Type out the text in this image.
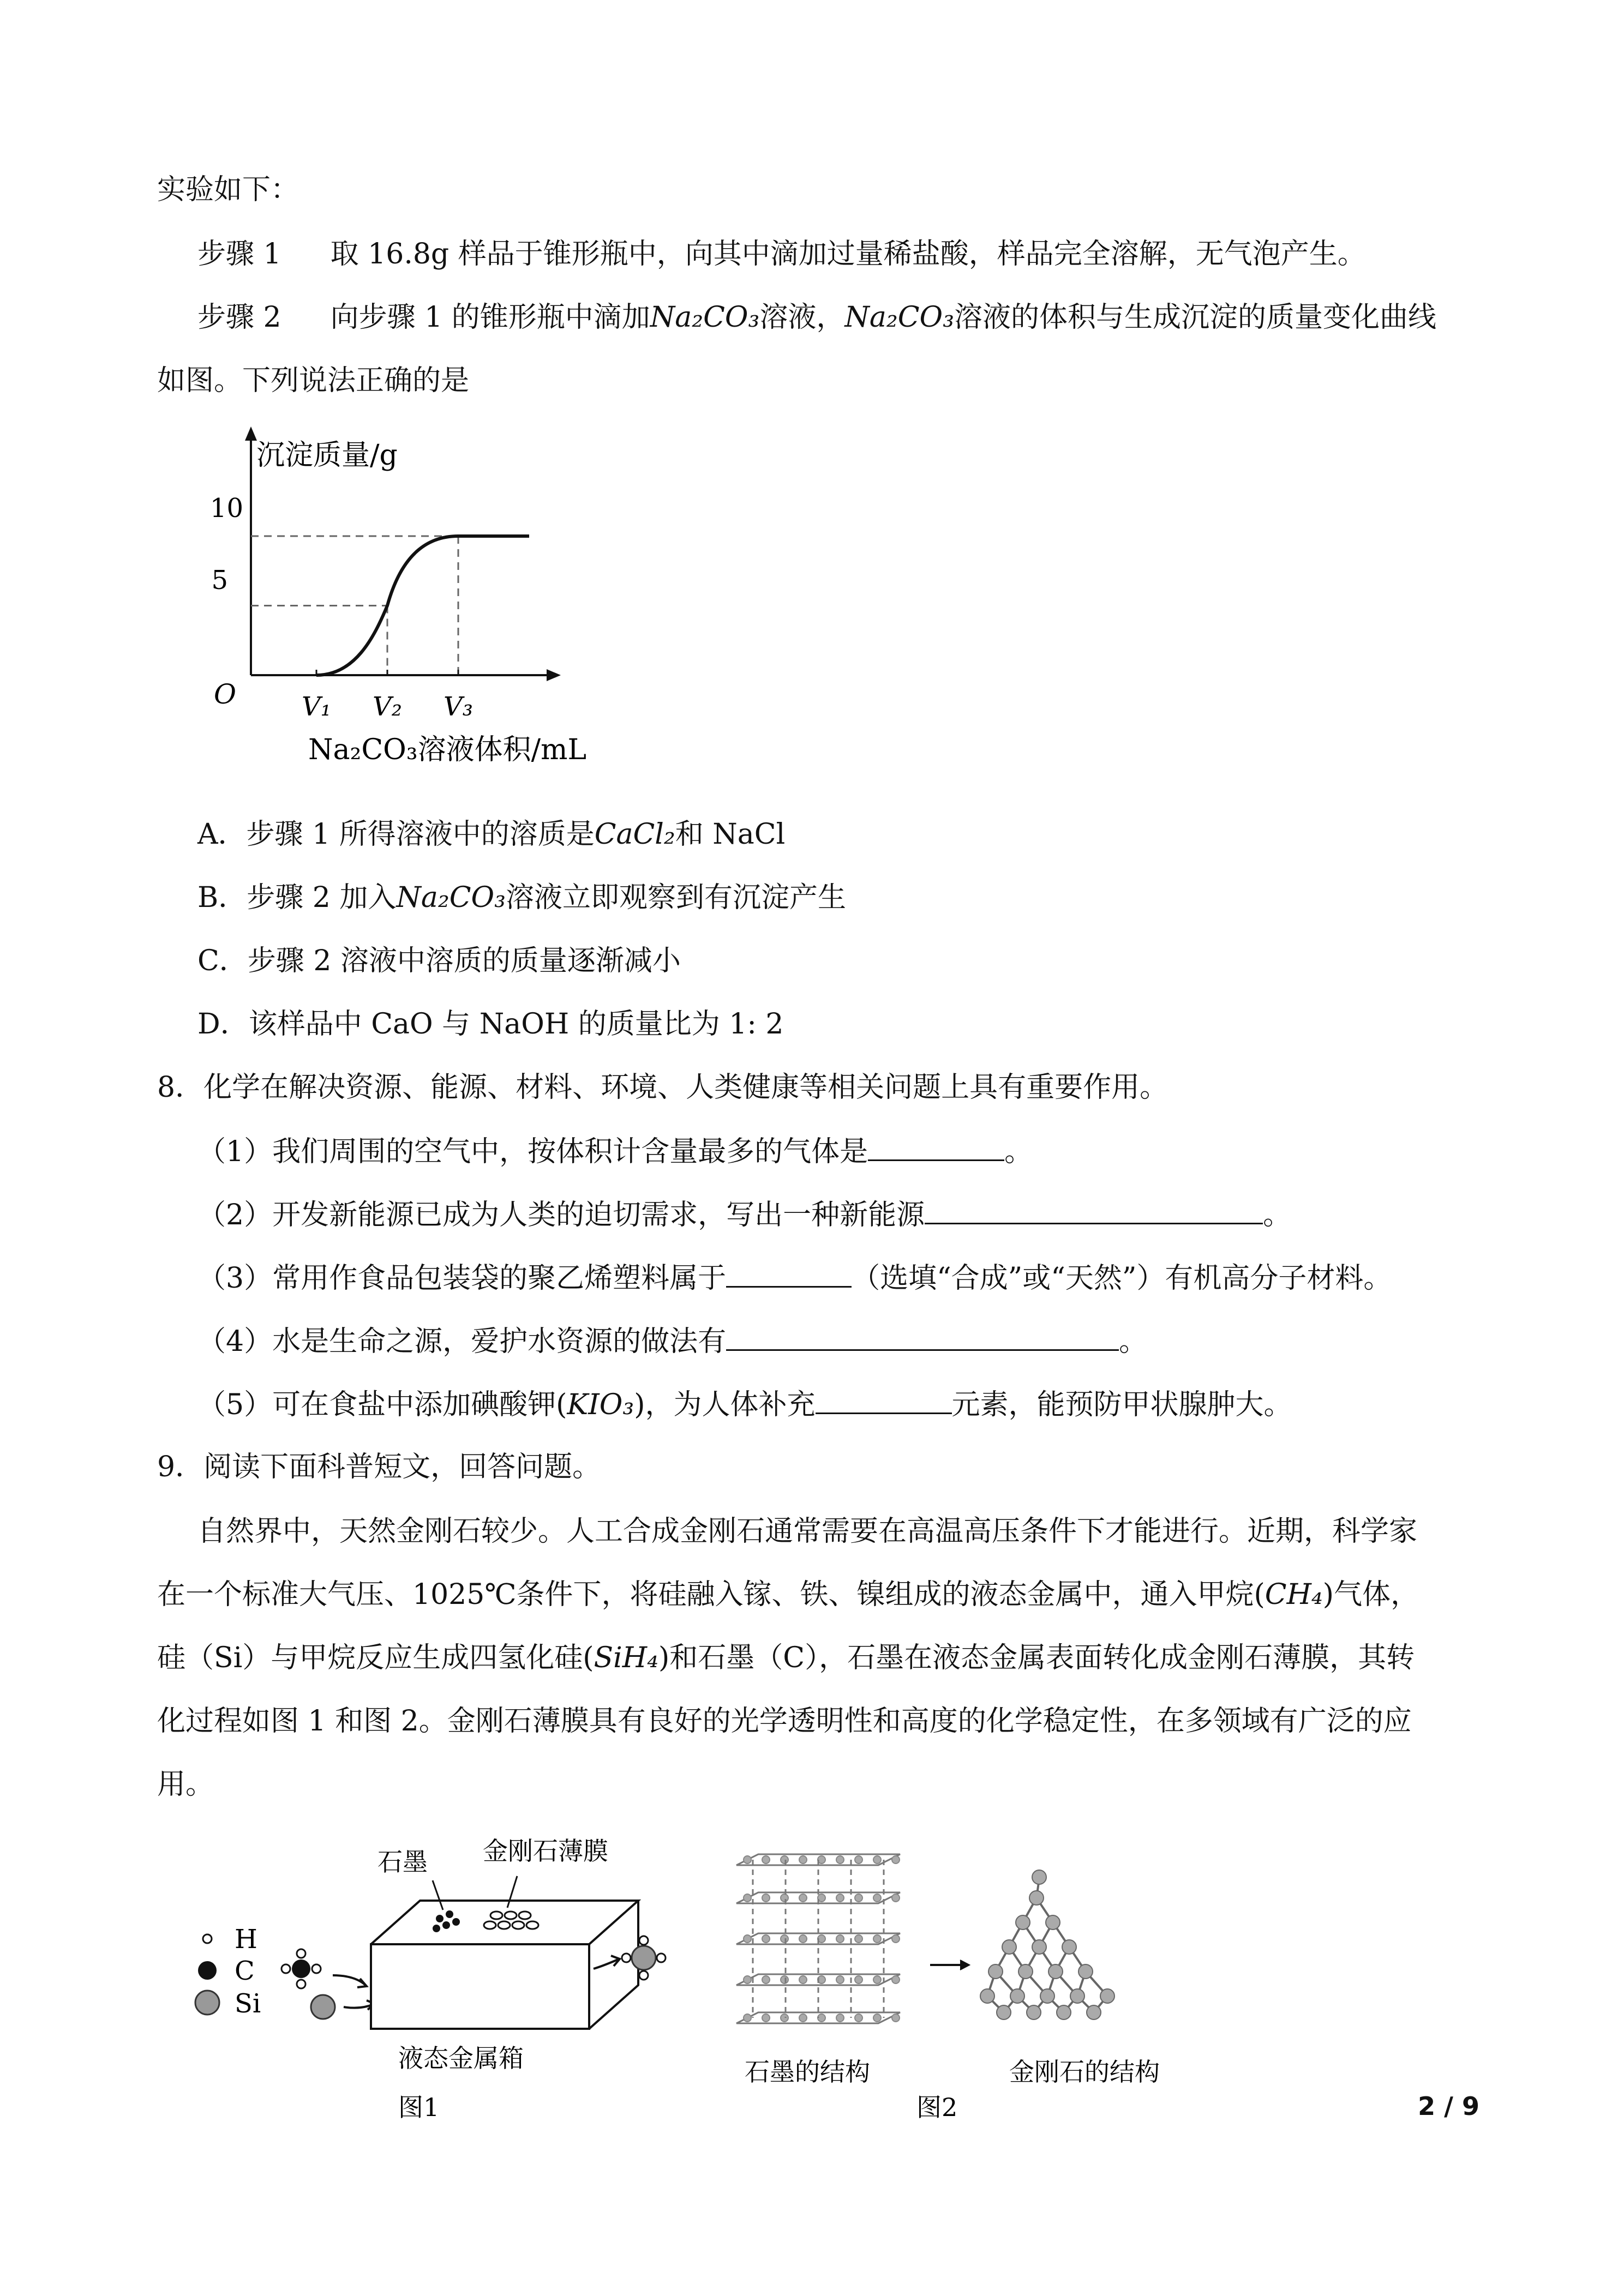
实验如下：
步骤 1 取 16.8g 样品于锥形瓶中，向其中滴加过量稀盐酸，样品完全溶解，无气泡产生。
步骤 2 向步骤 1 的锥形瓶中滴加Na₂CO₃溶液，Na₂CO₃溶液的体积与生成沉淀的质量变化曲线
如图。下列说法正确的是
沉淀质量/g
O
10
5
V₁ V₂ V₃
Na₂CO₃溶液体积/mL
A．步骤 1 所得溶液中的溶质是CaCl₂和 NaCl
B．步骤 2 加入Na₂CO₃溶液立即观察到有沉淀产生
C．步骤 2 溶液中溶质的质量逐渐减小
D．该样品中 CaO 与 NaOH 的质量比为 1: 2
8．化学在解决资源、能源、材料、环境、人类健康等相关问题上具有重要作用。
（1）我们周围的空气中，按体积计含量最多的气体是	。
（2）开发新能源已成为人类的迫切需求，写出一种新能源	。
（3）常用作食品包装袋的聚乙烯塑料属于	（选填“合成”或“天然”）有机高分子材料。
（4）水是生命之源，爱护水资源的做法有	。
（5）可在食盐中添加碘酸钾(KIO₃)，为人体补充	元素，能预防甲状腺肿大。
9．阅读下面科普短文，回答问题。
自然界中，天然金刚石较少。人工合成金刚石通常需要在高温高压条件下才能进行。近期，科学家
在一个标准大气压、1025℃条件下，将硅融入镓、铁、镍组成的液态金属中，通入甲烷(CH₄)气体，
硅（Si）与甲烷反应生成四氢化硅(SiH₄)和石墨（C），石墨在液态金属表面转化成金刚石薄膜，其转
化过程如图 1 和图 2。金刚石薄膜具有良好的光学透明性和高度的化学稳定性，在多领域有广泛的应
用。
H
C
Si
石墨 金刚石薄膜
液态金属箱
图1
石墨的结构
图2
金刚石的结构
2 / 9
